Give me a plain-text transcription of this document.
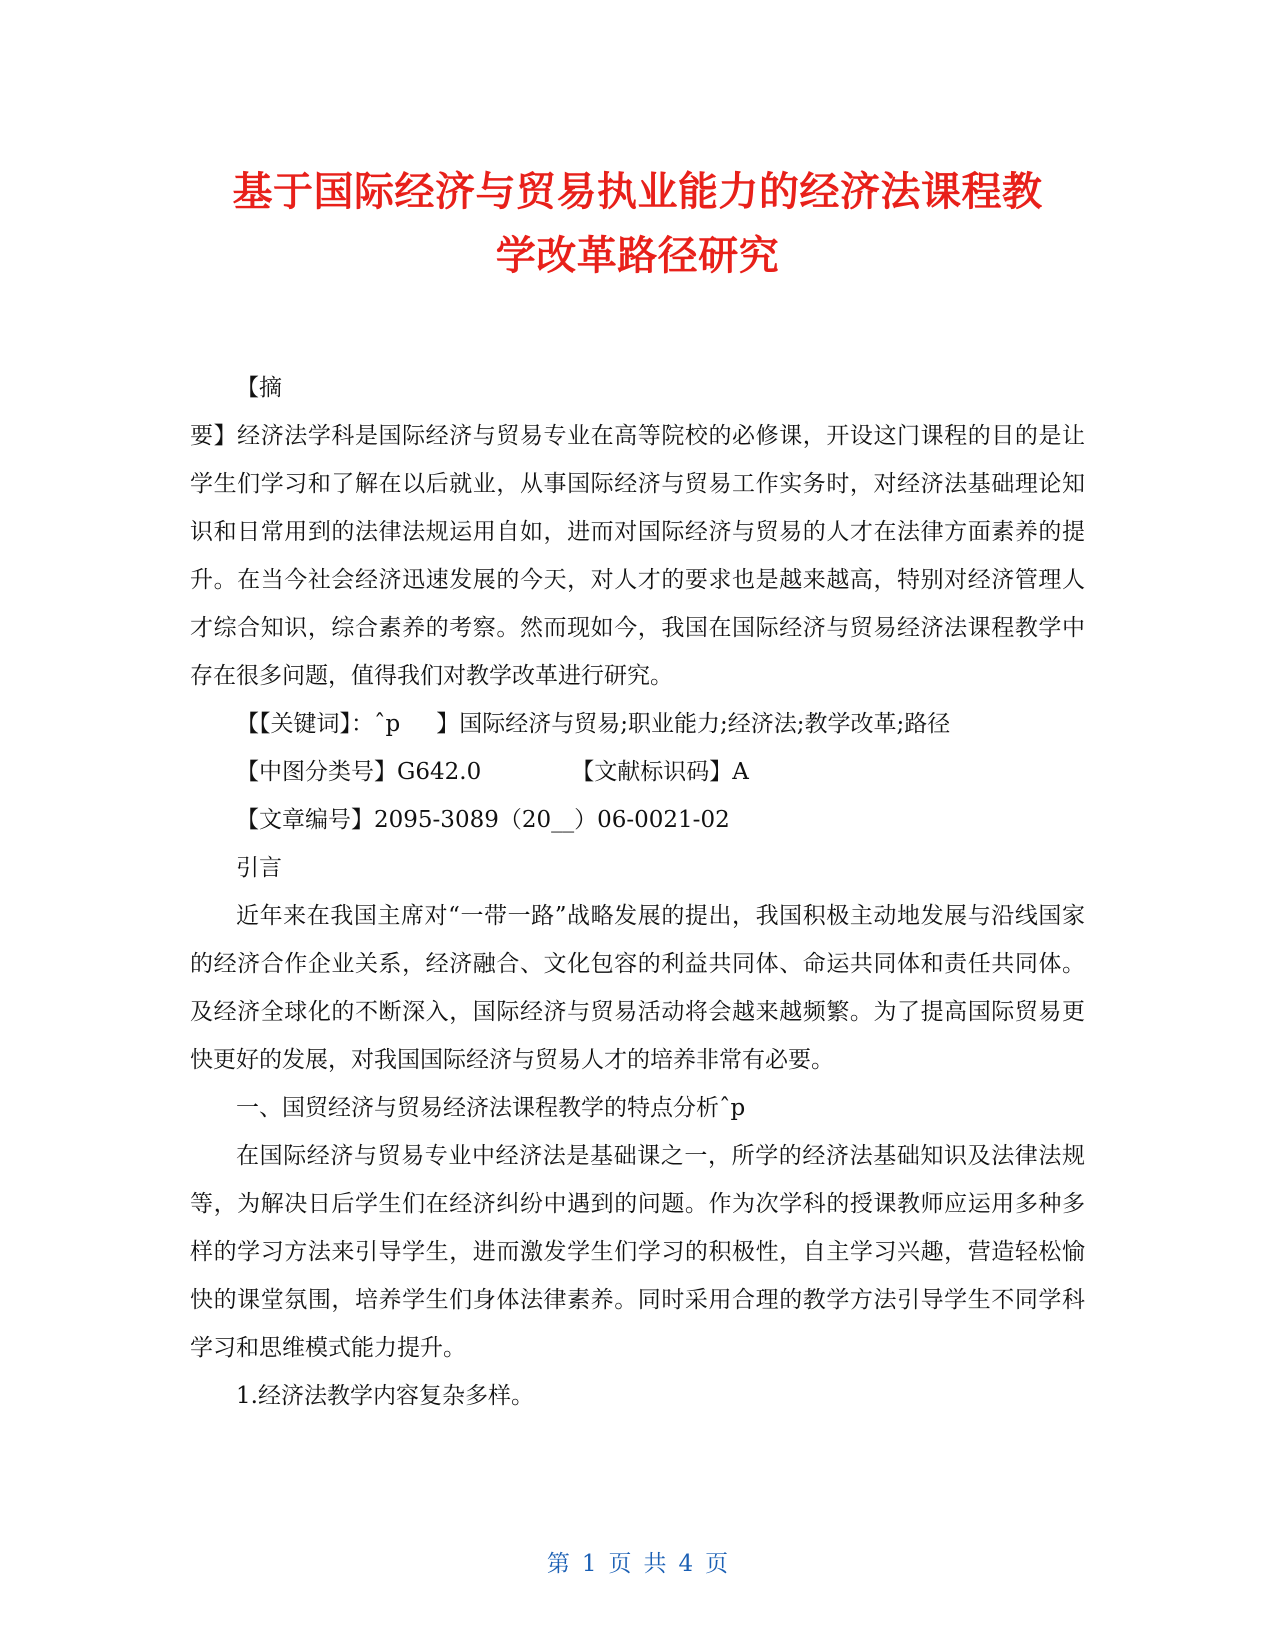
基于国际经济与贸易执业能力的经济法课程教
学改革路径研究

【摘

要】经济法学科是国际经济与贸易专业在高等院校的必修课，开设这门课程的目的是让学生们学习和了解在以后就业，从事国际经济与贸易工作实务时，对经济法基础理论知识和日常用到的法律法规运用自如，进而对国际经济与贸易的人才在法律方面素养的提升。在当今社会经济迅速发展的今天，对人才的要求也是越来越高，特别对经济管理人才综合知识，综合素养的考察。然而现如今，我国在国际经济与贸易经济法课程教学中存在很多问题，值得我们对教学改革进行研究。

【【关键词】：ˆp 】国际经济与贸易;职业能力;经济法;教学改革;路径

【中图分类号】G642.0	【文献标识码】A

【文章编号】2095-3089（20__）06-0021-02

引言

近年来在我国主席对“一带一路”战略发展的提出，我国积极主动地发展与沿线国家的经济合作企业关系，经济融合、文化包容的利益共同体、命运共同体和责任共同体。及经济全球化的不断深入，国际经济与贸易活动将会越来越频繁。为了提高国际贸易更快更好的发展，对我国国际经济与贸易人才的培养非常有必要。

一、国贸经济与贸易经济法课程教学的特点分析ˆp

在国际经济与贸易专业中经济法是基础课之一，所学的经济法基础知识及法律法规等，为解决日后学生们在经济纠纷中遇到的问题。作为次学科的授课教师应运用多种多样的学习方法来引导学生，进而激发学生们学习的积极性，自主学习兴趣，营造轻松愉快的课堂氛围，培养学生们身体法律素养。同时采用合理的教学方法引导学生不同学科学习和思维模式能力提升。

1.经济法教学内容复杂多样。

第 1 页 共 4 页
